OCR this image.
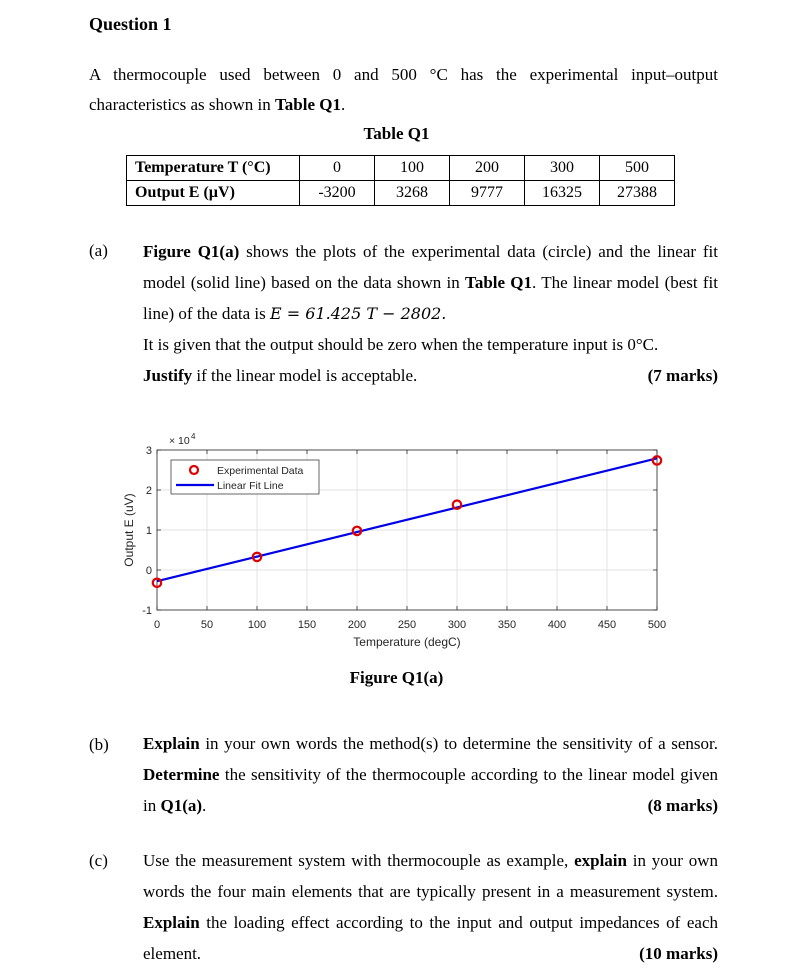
Question 1
A thermocouple used between 0 and 500 °C has the experimental input–output characteristics as shown in Table Q1.
Table Q1
Temperature T (°C)	0	100	200	300	500
Output E (µV)	-3200	3268	9777	16325	27388
(a) Figure Q1(a) shows the plots of the experimental data (circle) and the linear fit model (solid line) based on the data shown in Table Q1. The linear model (best fit line) of the data is E = 61.425 T − 2802.
It is given that the output should be zero when the temperature input is 0°C.
Justify if the linear model is acceptable.	(7 marks)
0	50	100	150	200	250	300	350	400	450	500
-1
0
1
2
3
× 10 4
Temperature (degC)
Output E (uV)
Experimental Data
Linear Fit Line
Figure Q1(a)
(b) Explain in your own words the method(s) to determine the sensitivity of a sensor. Determine the sensitivity of the thermocouple according to the linear model given in Q1(a).	(8 marks)
(c) Use the measurement system with thermocouple as example, explain in your own words the four main elements that are typically present in a measurement system. Explain the loading effect according to the input and output impedances of each element.	(10 marks)
